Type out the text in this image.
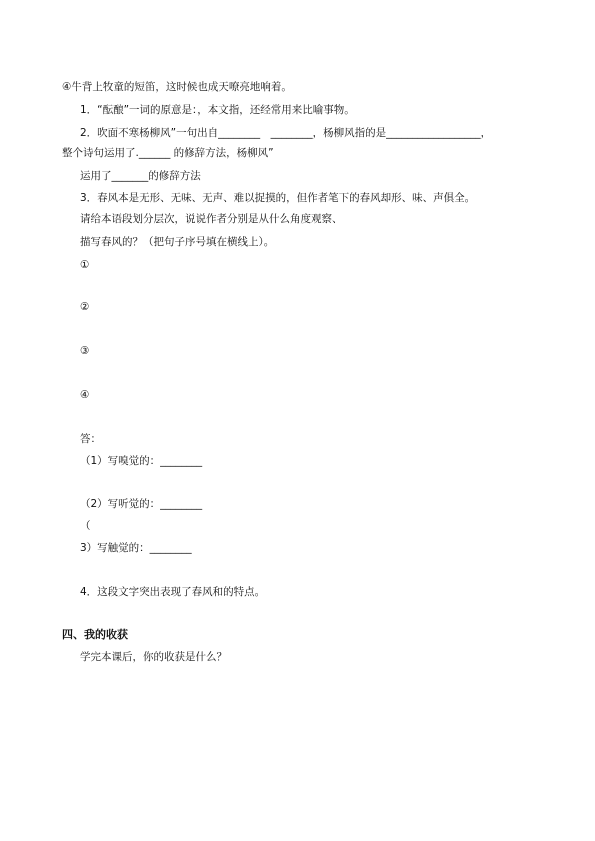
④牛背上牧童的短笛，这时候也成天嘹亮地响着。
1．“酝酿”一词的原意是：，本文指，还经常用来比喻事物。
2．吹面不寒杨柳风”一句出自________　________，杨柳风指的是__________________，
整个诗句运用了.______ 的修辞方法，杨柳风”
运用了_______的修辞方法
3．春风本是无形、无味、无声、难以捉摸的，但作者笔下的春风却形、味、声俱全。
请给本语段划分层次，说说作者分别是从什么角度观察、
描写春风的？（把句子序号填在横线上）。
①
②
③
④
答：
（1）写嗅觉的：________
（2）写听觉的：________
（
3）写触觉的：________
4．这段文字突出表现了春风和的特点。
四、我的收获
学完本课后，你的收获是什么？
